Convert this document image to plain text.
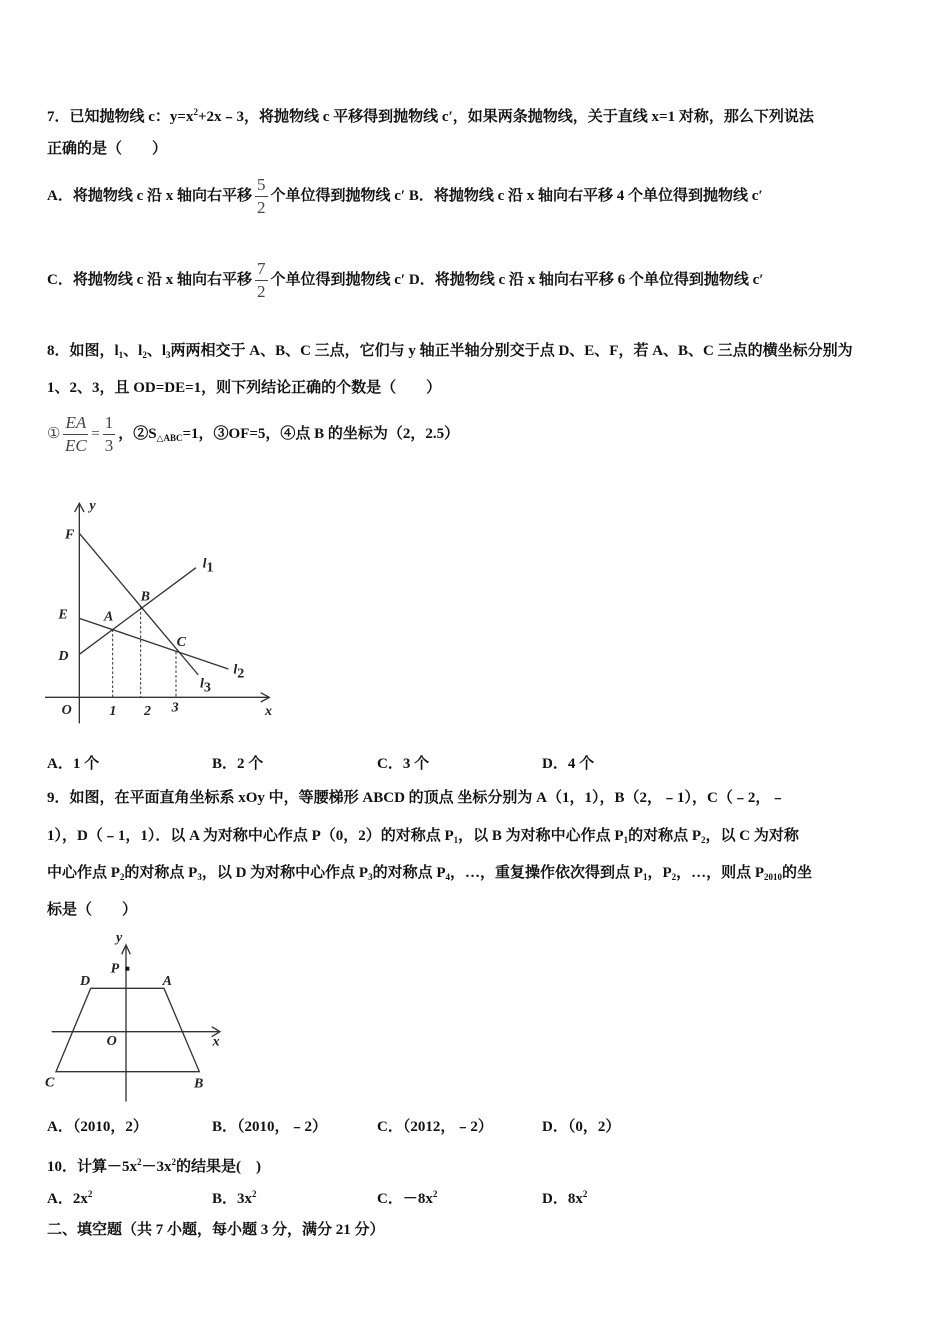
7．已知抛物线 c：$y=x^2+2x﹣3$，将抛物线 c 平移得到抛物线 c′，如果两条抛物线，关于直线 x=1 对称，那么下列说法
正确的是（　　）
A．将抛物线 c 沿 x 轴向右平移 $\frac{5}{2}$ 个单位得到抛物线 c′ B．将抛物线 c 沿 x 轴向右平移 4 个单位得到抛物线 c′
C．将抛物线 c 沿 x 轴向右平移 $\frac{7}{2}$ 个单位得到抛物线 c′ D．将抛物线 c 沿 x 轴向右平移 6 个单位得到抛物线 c′
8．如图，$l_1$、$l_2$、$l_3$两两相交于 A、B、C 三点，它们与 y 轴正半轴分别交于点 D、E、F，若 A、B、C 三点的横坐标分别为
1、2、3，且 OD=DE=1，则下列结论正确的个数是（　　）
① $\frac{EA}{EC} = \frac{1}{3}$ ，$②S_{\triangle ABC}=1$，③OF=5，④点 B 的坐标为（2，2.5）
y
x
O
F
E
D
A
B
C
l1
l2
l3
1 2 3
A．1 个	B．2 个	C．3 个	D．4 个
9．如图，在平面直角坐标系 xOy 中，等腰梯形 ABCD 的顶点 坐标分别为 A（1，1），B（2，﹣1），C（﹣2，﹣
1），D（﹣1，1）．以 A 为对称中心作点 P（0，2）的对称点 $P_1$，以 B 为对称中心作点 $P_1$的对称点 $P_2$，以 C 为对称
中心作点 $P_2$的对称点 $P_3$，以 D 为对称中心作点 $P_3$的对称点 $P_4$，…，重复操作依次得到点 $P_1$，$P_2$，…，则点 $P_{2010}$的坐
标是（　　）
y
x
O
P
D A
C	B
A．（2010，2）	B．（2010，﹣2）	C．（2012，﹣2）	D．（0，2）
10．计算$-5x^2-3x^2$的结果是(　)
A．$2x^2$	B．$3x^2$	C．$-8x^2$	D．$8x^2$
二、填空题（共 7 小题，每小题 3 分，满分 21 分）
